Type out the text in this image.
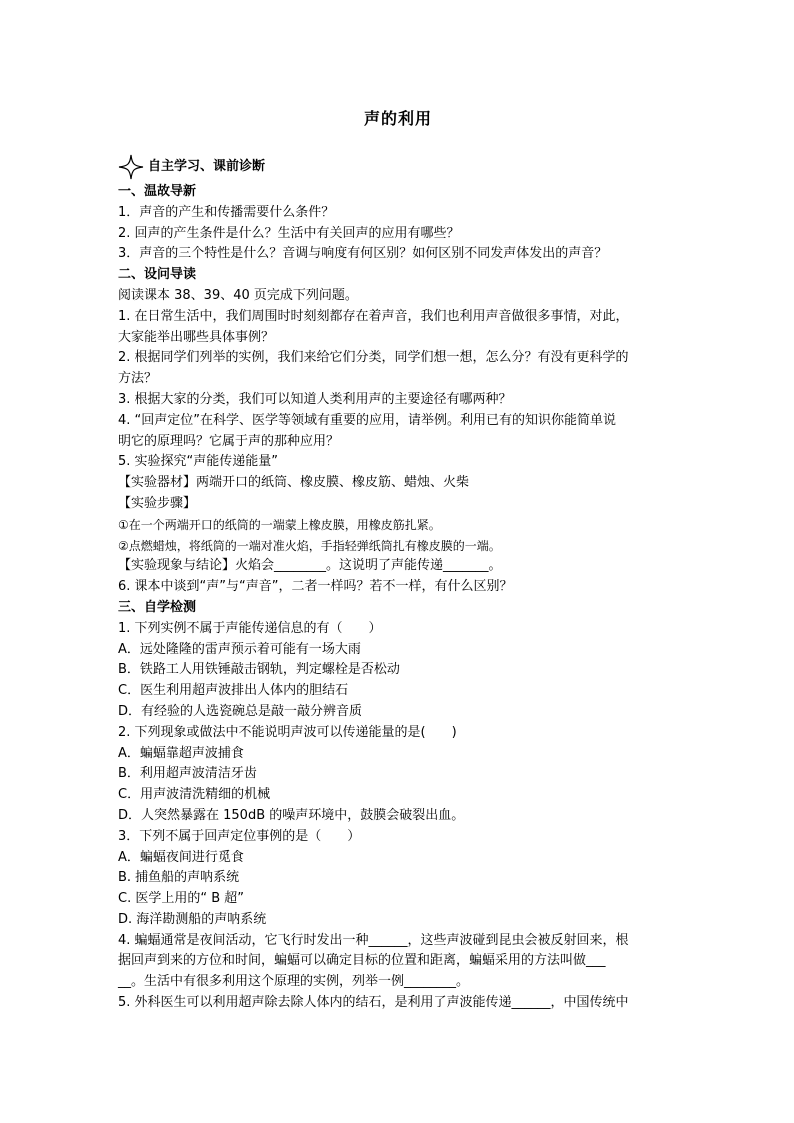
声的利用
自主学习、课前诊断
一、温故导新
1．声音的产生和传播需要什么条件？
2. 回声的产生条件是什么？生活中有关回声的应用有哪些？
3．声音的三个特性是什么？音调与响度有何区别？如何区别不同发声体发出的声音？
二、设问导读
阅读课本 38、39、40 页完成下列问题。
1. 在日常生活中，我们周围时时刻刻都存在着声音，我们也利用声音做很多事情，对此，
大家能举出哪些具体事例？
2. 根据同学们列举的实例，我们来给它们分类，同学们想一想，怎么分？有没有更科学的
方法？
3. 根据大家的分类，我们可以知道人类利用声的主要途径有哪两种？
4. “回声定位”在科学、医学等领域有重要的应用，请举例。利用已有的知识你能简单说
明它的原理吗？它属于声的那种应用？
5. 实验探究“声能传递能量”
【实验器材】两端开口的纸筒、橡皮膜、橡皮筋、蜡烛、火柴
【实验步骤】
①在一个两端开口的纸筒的一端蒙上橡皮膜，用橡皮筋扎紧。
②点燃蜡烛，将纸筒的一端对准火焰，手指轻弹纸筒扎有橡皮膜的一端。
【实验现象与结论】火焰会________。这说明了声能传递_______。
6. 课本中谈到“声”与“声音”，二者一样吗？若不一样，有什么区别？
三、自学检测
1. 下列实例不属于声能传递信息的有（　　）
A．远处隆隆的雷声预示着可能有一场大雨
B．铁路工人用铁锤敲击钢轨，判定螺栓是否松动
C．医生利用超声波排出人体内的胆结石
D．有经验的人选瓷碗总是敲一敲分辨音质
2. 下列现象或做法中不能说明声波可以传递能量的是(　　)
A．蝙蝠靠超声波捕食
B．利用超声波清洁牙齿
C．用声波清洗精细的机械
D．人突然暴露在 150dB 的噪声环境中，鼓膜会破裂出血。
3．下列不属于回声定位事例的是（　　）
A．蝙蝠夜间进行觅食
B. 捕鱼船的声呐系统
C. 医学上用的“ B 超”
D. 海洋勘测船的声呐系统
4. 蝙蝠通常是夜间活动，它飞行时发出一种______，这些声波碰到昆虫会被反射回来，根
据回声到来的方位和时间，蝙蝠可以确定目标的位置和距离，蝙蝠采用的方法叫做___
__。生活中有很多利用这个原理的实例，列举一例________。
5. 外科医生可以利用超声除去除人体内的结石，是利用了声波能传递______，中国传统中
